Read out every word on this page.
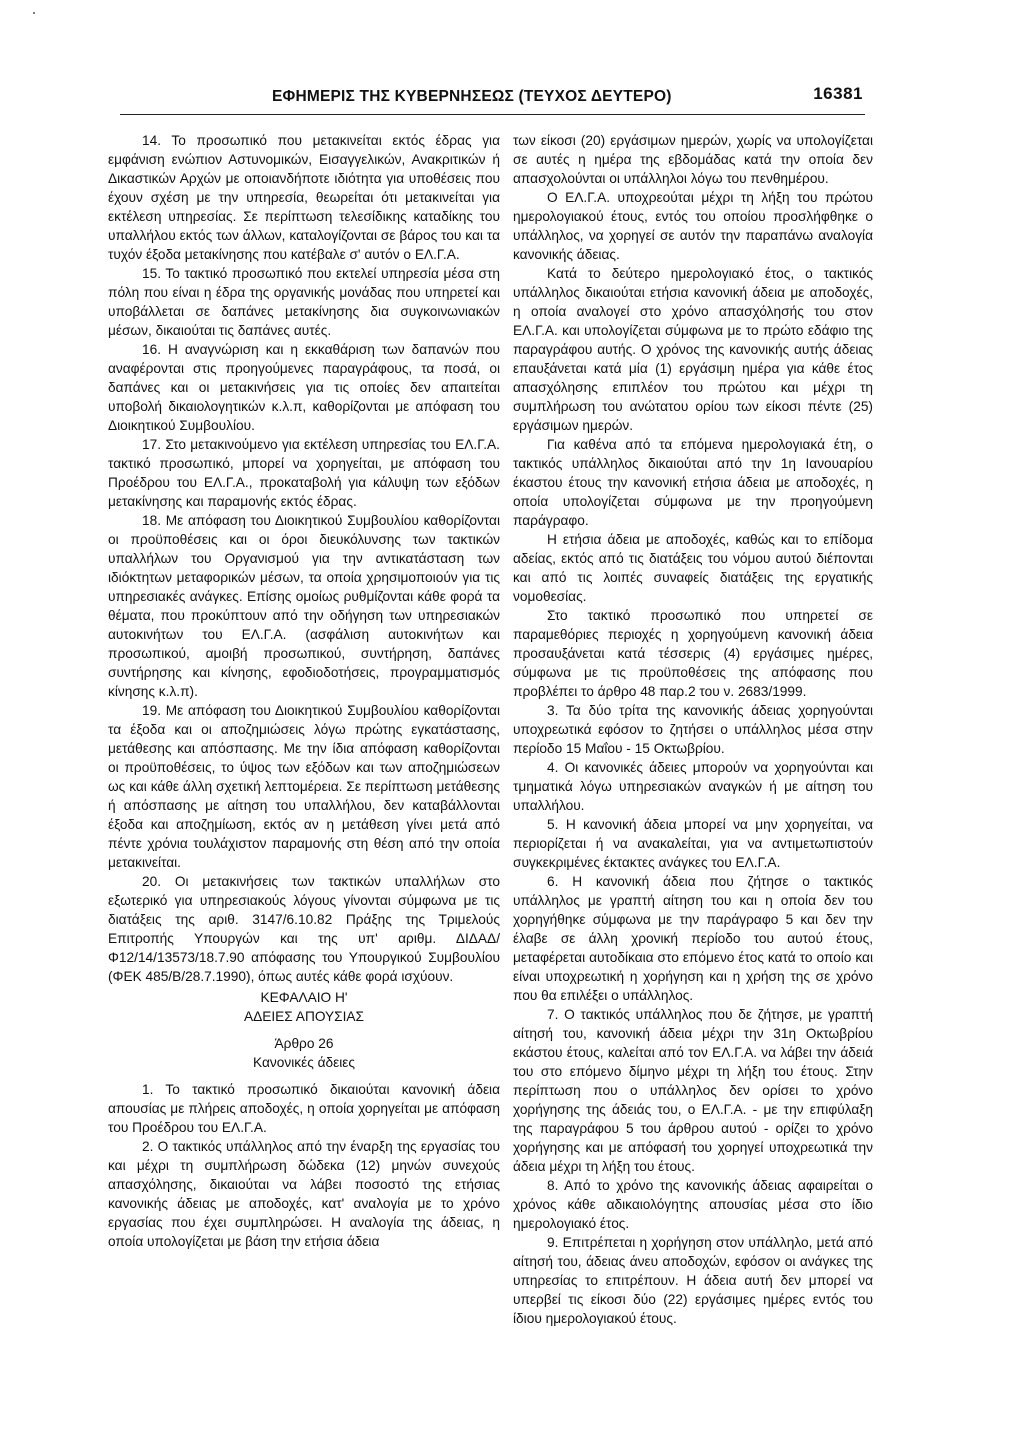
ΕΦΗΜΕΡΙΣ ΤΗΣ ΚΥΒΕΡΝΗΣΕΩΣ (ΤΕΥΧΟΣ ΔΕΥΤΕΡΟ)	16381

14. Το προσωπικό που μετακινείται εκτός έδρας για εμφάνιση ενώπιον Αστυνομικών, Εισαγγελικών, Ανακριτικών ή Δικαστικών Αρχών με οποιανδήποτε ιδιότητα για υποθέσεις που έχουν σχέση με την υπηρεσία, θεωρείται ότι μετακινείται για εκτέλεση υπηρεσίας. Σε περίπτωση τελεσίδικης καταδίκης του υπαλλήλου εκτός των άλλων, καταλογίζονται σε βάρος του και τα τυχόν έξοδα μετακίνησης που κατέβαλε σ' αυτόν ο ΕΛ.Γ.Α.

15. Το τακτικό προσωπικό που εκτελεί υπηρεσία μέσα στη πόλη που είναι η έδρα της οργανικής μονάδας που υπηρετεί και υποβάλλεται σε δαπάνες μετακίνησης δια συγκοινωνιακών μέσων, δικαιούται τις δαπάνες αυτές.

16. Η αναγνώριση και η εκκαθάριση των δαπανών που αναφέρονται στις προηγούμενες παραγράφους, τα ποσά, οι δαπάνες και οι μετακινήσεις για τις οποίες δεν απαιτείται υποβολή δικαιολογητικών κ.λ.π, καθορίζονται με απόφαση του Διοικητικού Συμβουλίου.

17. Στο μετακινούμενο για εκτέλεση υπηρεσίας του ΕΛ.Γ.Α. τακτικό προσωπικό, μπορεί να χορηγείται, με απόφαση του Προέδρου του ΕΛ.Γ.Α., προκαταβολή για κάλυψη των εξόδων μετακίνησης και παραμονής εκτός έδρας.

18. Με απόφαση του Διοικητικού Συμβουλίου καθορίζονται οι προϋποθέσεις και οι όροι διευκόλυνσης των τακτικών υπαλλήλων του Οργανισμού για την αντικατάσταση των ιδιόκτητων μεταφορικών μέσων, τα οποία χρησιμοποιούν για τις υπηρεσιακές ανάγκες. Επίσης ομοίως ρυθμίζονται κάθε φορά τα θέματα, που προκύπτουν από την οδήγηση των υπηρεσιακών αυτοκινήτων του ΕΛ.Γ.Α. (ασφάλιση αυτοκινήτων και προσωπικού, αμοιβή προσωπικού, συντήρηση, δαπάνες συντήρησης και κίνησης, εφοδιοδοτήσεις, προγραμματισμός κίνησης κ.λ.π).

19. Με απόφαση του Διοικητικού Συμβουλίου καθορίζονται τα έξοδα και οι αποζημιώσεις λόγω πρώτης εγκατάστασης, μετάθεσης και απόσπασης. Με την ίδια απόφαση καθορίζονται οι προϋποθέσεις, το ύψος των εξόδων και των αποζημιώσεων ως και κάθε άλλη σχετική λεπτομέρεια. Σε περίπτωση μετάθεσης ή απόσπασης με αίτηση του υπαλλήλου, δεν καταβάλλονται έξοδα και αποζημίωση, εκτός αν η μετάθεση γίνει μετά από πέντε χρόνια τουλάχιστον παραμονής στη θέση από την οποία μετακινείται.

20. Οι μετακινήσεις των τακτικών υπαλλήλων στο εξωτερικό για υπηρεσιακούς λόγους γίνονται σύμφωνα με τις διατάξεις της αριθ. 3147/6.10.82 Πράξης της Τριμελούς Επιτροπής Υπουργών και της υπ' αριθμ. ΔΙΔΑΔ/Φ12/14/13573/18.7.90 απόφασης του Υπουργικού Συμβουλίου (ΦΕΚ 485/Β/28.7.1990), όπως αυτές κάθε φορά ισχύουν.

ΚΕΦΑΛΑΙΟ Η'

ΑΔΕΙΕΣ ΑΠΟΥΣΙΑΣ

Άρθρο 26

Κανονικές άδειες

1. Το τακτικό προσωπικό δικαιούται κανονική άδεια απουσίας με πλήρεις αποδοχές, η οποία χορηγείται με απόφαση του Προέδρου του ΕΛ.Γ.Α.

2. Ο τακτικός υπάλληλος από την έναρξη της εργασίας του και μέχρι τη συμπλήρωση δώδεκα (12) μηνών συνεχούς απασχόλησης, δικαιούται να λάβει ποσοστό της ετήσιας κανονικής άδειας με αποδοχές, κατ' αναλογία με το χρόνο εργασίας που έχει συμπληρώσει. Η αναλογία της άδειας, η οποία υπολογίζεται με βάση την ετήσια άδεια

των είκοσι (20) εργάσιμων ημερών, χωρίς να υπολογίζεται σε αυτές η ημέρα της εβδομάδας κατά την οποία δεν απασχολούνται οι υπάλληλοι λόγω του πενθημέρου.

Ο ΕΛ.Γ.Α. υποχρεούται μέχρι τη λήξη του πρώτου ημερολογιακού έτους, εντός του οποίου προσλήφθηκε ο υπάλληλος, να χορηγεί σε αυτόν την παραπάνω αναλογία κανονικής άδειας.

Κατά το δεύτερο ημερολογιακό έτος, ο τακτικός υπάλληλος δικαιούται ετήσια κανονική άδεια με αποδοχές, η οποία αναλογεί στο χρόνο απασχόλησής του στον ΕΛ.Γ.Α. και υπολογίζεται σύμφωνα με το πρώτο εδάφιο της παραγράφου αυτής. Ο χρόνος της κανονικής αυτής άδειας επαυξάνεται κατά μία (1) εργάσιμη ημέρα για κάθε έτος απασχόλησης επιπλέον του πρώτου και μέχρι τη συμπλήρωση του ανώτατου ορίου των είκοσι πέντε (25) εργάσιμων ημερών.

Για καθένα από τα επόμενα ημερολογιακά έτη, ο τακτικός υπάλληλος δικαιούται από την 1η Ιανουαρίου έκαστου έτους την κανονική ετήσια άδεια με αποδοχές, η οποία υπολογίζεται σύμφωνα με την προηγούμενη παράγραφο.

Η ετήσια άδεια με αποδοχές, καθώς και το επίδομα αδείας, εκτός από τις διατάξεις του νόμου αυτού διέπονται και από τις λοιπές συναφείς διατάξεις της εργατικής νομοθεσίας.

Στο τακτικό προσωπικό που υπηρετεί σε παραμεθόριες περιοχές η χορηγούμενη κανονική άδεια προσαυξάνεται κατά τέσσερις (4) εργάσιμες ημέρες, σύμφωνα με τις προϋποθέσεις της απόφασης που προβλέπει το άρθρο 48 παρ.2 του ν. 2683/1999.

3. Τα δύο τρίτα της κανονικής άδειας χορηγούνται υποχρεωτικά εφόσον το ζητήσει ο υπάλληλος μέσα στην περίοδο 15 Μαΐου - 15 Οκτωβρίου.

4. Οι κανονικές άδειες μπορούν να χορηγούνται και τμηματικά λόγω υπηρεσιακών αναγκών ή με αίτηση του υπαλλήλου.

5. Η κανονική άδεια μπορεί να μην χορηγείται, να περιορίζεται ή να ανακαλείται, για να αντιμετωπιστούν συγκεκριμένες έκτακτες ανάγκες του ΕΛ.Γ.Α.

6. Η κανονική άδεια που ζήτησε ο τακτικός υπάλληλος με γραπτή αίτηση του και η οποία δεν του χορηγήθηκε σύμφωνα με την παράγραφο 5 και δεν την έλαβε σε άλλη χρονική περίοδο του αυτού έτους, μεταφέρεται αυτοδίκαια στο επόμενο έτος κατά το οποίο και είναι υποχρεωτική η χορήγηση και η χρήση της σε χρόνο που θα επιλέξει ο υπάλληλος.

7. Ο τακτικός υπάλληλος που δε ζήτησε, με γραπτή αίτησή του, κανονική άδεια μέχρι την 31η Οκτωβρίου εκάστου έτους, καλείται από τον ΕΛ.Γ.Α. να λάβει την άδειά του στο επόμενο δίμηνο μέχρι τη λήξη του έτους. Στην περίπτωση που ο υπάλληλος δεν ορίσει το χρόνο χορήγησης της άδειάς του, ο ΕΛ.Γ.Α. - με την επιφύλαξη της παραγράφου 5 του άρθρου αυτού - ορίζει το χρόνο χορήγησης και με απόφασή του χορηγεί υποχρεωτικά την άδεια μέχρι τη λήξη του έτους.

8. Από το χρόνο της κανονικής άδειας αφαιρείται ο χρόνος κάθε αδικαιολόγητης απουσίας μέσα στο ίδιο ημερολογιακό έτος.

9. Επιτρέπεται η χορήγηση στον υπάλληλο, μετά από αίτησή του, άδειας άνευ αποδοχών, εφόσον οι ανάγκες της υπηρεσίας το επιτρέπουν. Η άδεια αυτή δεν μπορεί να υπερβεί τις είκοσι δύο (22) εργάσιμες ημέρες εντός του ίδιου ημερολογιακού έτους.
